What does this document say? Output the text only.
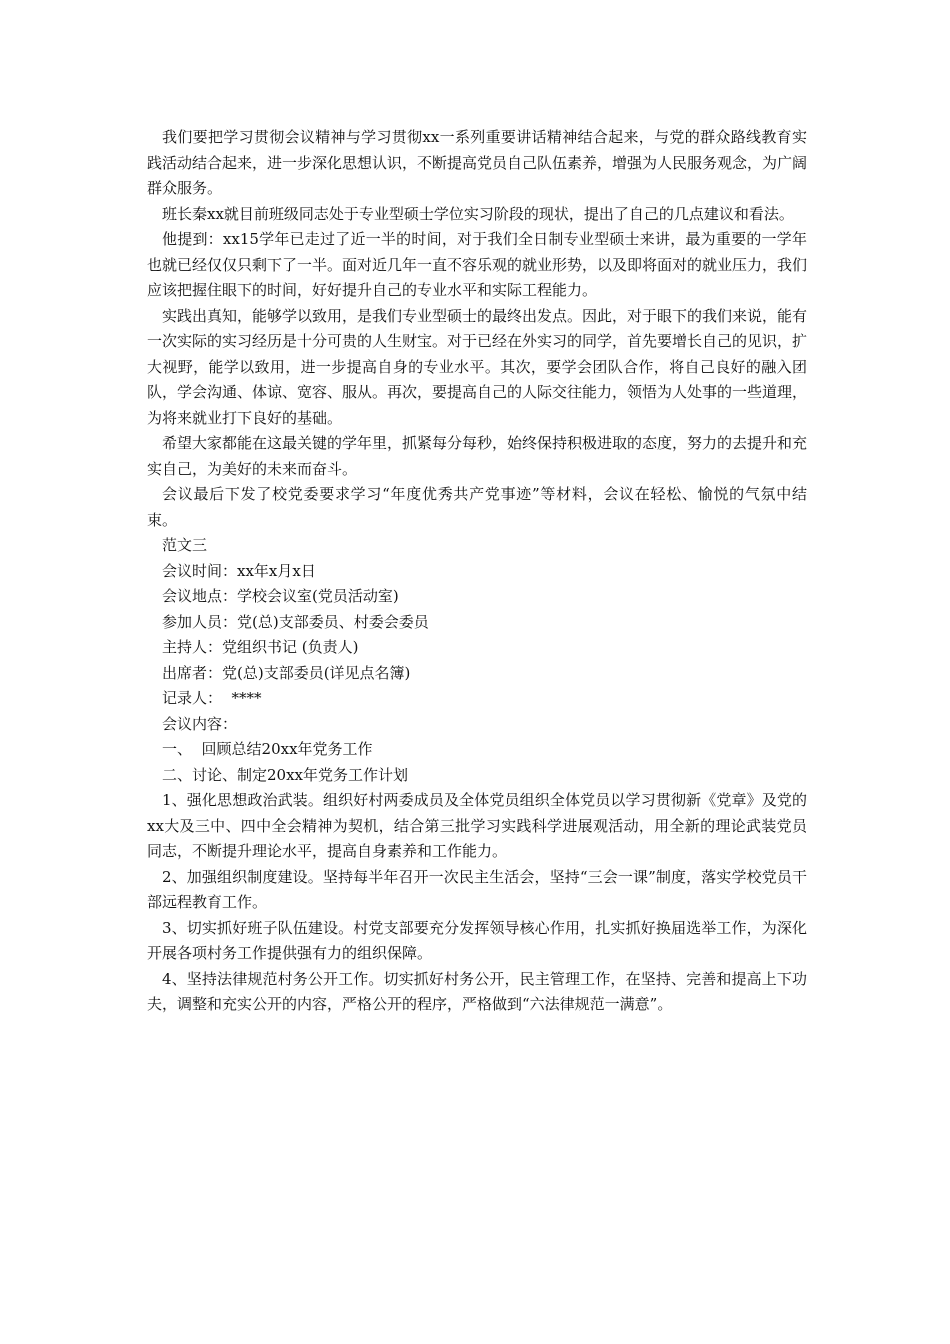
我们要把学习贯彻会议精神与学习贯彻xx一系列重要讲话精神结合起来，与党的群众路线教育实践活动结合起来，进一步深化思想认识，不断提高党员自己队伍素养，增强为人民服务观念，为广阔群众服务。

班长秦xx就目前班级同志处于专业型硕士学位实习阶段的现状，提出了自己的几点建议和看法。

他提到：xx15学年已走过了近一半的时间，对于我们全日制专业型硕士来讲，最为重要的一学年也就已经仅仅只剩下了一半。面对近几年一直不容乐观的就业形势，以及即将面对的就业压力，我们应该把握住眼下的时间，好好提升自己的专业水平和实际工程能力。

实践出真知，能够学以致用，是我们专业型硕士的最终出发点。因此，对于眼下的我们来说，能有一次实际的实习经历是十分可贵的人生财宝。对于已经在外实习的同学，首先要增长自己的见识，扩大视野，能学以致用，进一步提高自身的专业水平。其次，要学会团队合作，将自己良好的融入团队，学会沟通、体谅、宽容、服从。再次，要提高自己的人际交往能力，领悟为人处事的一些道理，为将来就业打下良好的基础。

希望大家都能在这最关键的学年里，抓紧每分每秒，始终保持积极进取的态度，努力的去提升和充实自己，为美好的未来而奋斗。

会议最后下发了校党委要求学习“年度优秀共产党事迹”等材料，会议在轻松、愉悦的气氛中结束。

范文三

会议时间：xx年x月x日

会议地点：学校会议室(党员活动室)

参加人员：党(总)支部委员、村委会委员

主持人：党组织书记 (负责人)

出席者：党(总)支部委员(详见点名簿)

记录人：  ****

会议内容：

一、  回顾总结20xx年党务工作

二、讨论、制定20xx年党务工作计划

1、强化思想政治武装。组织好村两委成员及全体党员组织全体党员以学习贯彻新《党章》及党的xx大及三中、四中全会精神为契机，结合第三批学习实践科学进展观活动，用全新的理论武装党员同志，不断提升理论水平，提高自身素养和工作能力。

2、加强组织制度建设。坚持每半年召开一次民主生活会，坚持“三会一课”制度，落实学校党员干部远程教育工作。

3、切实抓好班子队伍建设。村党支部要充分发挥领导核心作用，扎实抓好换届选举工作，为深化开展各项村务工作提供强有力的组织保障。

4、坚持法律规范村务公开工作。切实抓好村务公开，民主管理工作，在坚持、完善和提高上下功夫，调整和充实公开的内容，严格公开的程序，严格做到“六法律规范一满意”。
